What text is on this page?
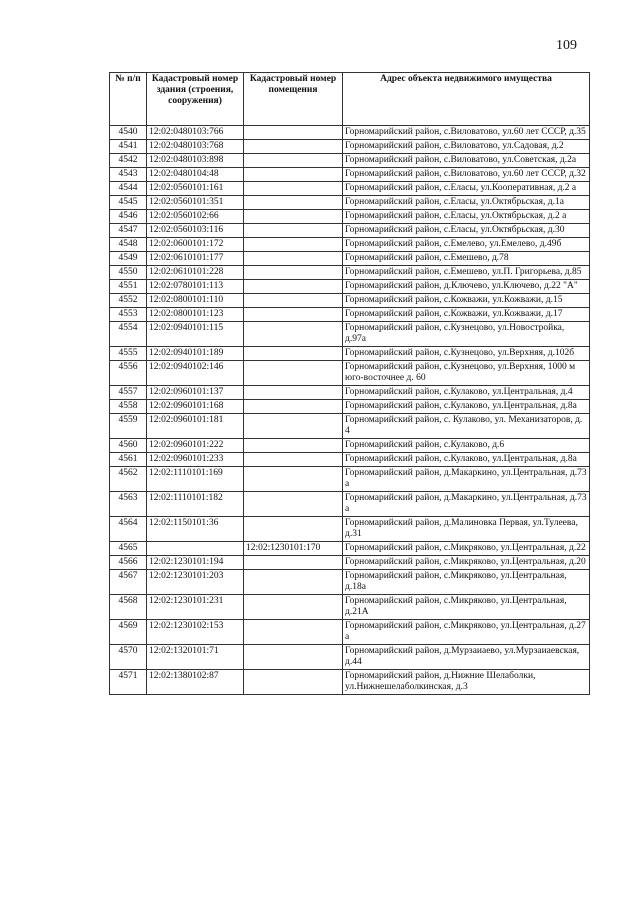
109
№ п/п	Кадастровый номер здания (строения, сооружения)	Кадастровый номер помещения	Адрес объекта недвижимого имущества
4540	12:02:0480103:766		Горномарийский район, с.Виловатово, ул.60 лет СССР, д.35
4541	12:02:0480103:768		Горномарийский район, с.Виловатово, ул.Садовая, д.2
4542	12:02:0480103:898		Горномарийский район, с.Виловатово, ул.Советская, д.2а
4543	12:02:0480104:48		Горномарийский район, с.Виловатово, ул.60 лет СССР, д.32
4544	12:02:0560101:161		Горномарийский район, с.Еласы, ул.Кооперативная, д.2 а
4545	12:02:0560101:351		Горномарийский район, с.Еласы, ул.Октябрьская, д.1а
4546	12:02:0560102:66		Горномарийский район, с.Еласы, ул.Октябрьская, д.2 а
4547	12:02:0560103:116		Горномарийский район, с.Еласы, ул.Октябрьская, д.30
4548	12:02:0600101:172		Горномарийский район, с.Емелево, ул.Емелево, д.49б
4549	12:02:0610101:177		Горномарийский район, с.Емешево, д.78
4550	12:02:0610101:228		Горномарийский район, с.Емешево, ул.П. Григорьева, д.85
4551	12:02:0780101:113		Горномарийский район, д.Ключево, ул.Ключево, д.22 "А"
4552	12:02:0800101:110		Горномарийский район, с.Кожважи, ул.Кожважи, д.15
4553	12:02:0800101:123		Горномарийский район, с.Кожважи, ул.Кожважи, д.17
4554	12:02:0940101:115		Горномарийский район, с.Кузнецово, ул.Новостройка, д.97а
4555	12:02:0940101:189		Горномарийский район, с.Кузнецово, ул.Верхняя, д.102б
4556	12:02:0940102:146		Горномарийский район, с.Кузнецово, ул.Верхняя, 1000 м юго-восточнее д. 60
4557	12:02:0960101:137		Горномарийский район, с.Кулаково, ул.Центральная, д.4
4558	12:02:0960101:168		Горномарийский район, с.Кулаково, ул.Центральная, д.8а
4559	12:02:0960101:181		Горномарийский район, с. Кулаково, ул. Механизаторов, д. 4
4560	12:02:0960101:222		Горномарийский район, с.Кулаково, д.6
4561	12:02:0960101:233		Горномарийский район, с.Кулаково, ул.Центральная, д.8а
4562	12:02:1110101:169		Горномарийский район, д.Макаркино, ул.Центральная, д.73 а
4563	12:02:1110101:182		Горномарийский район, д.Макаркино, ул.Центральная, д.73 а
4564	12:02:1150101:36		Горномарийский район, д.Малиновка Первая, ул.Тулеева, д.31
4565		12:02:1230101:170	Горномарийский район, с.Микряково, ул.Центральная, д.22
4566	12:02:1230101:194		Горномарийский район, с.Микряково, ул.Центральная, д.20
4567	12:02:1230101:203		Горномарийский район, с.Микряково, ул.Центральная, д.18а
4568	12:02:1230101:231		Горномарийский район, с.Микряково, ул.Центральная, д.21А
4569	12:02:1230102:153		Горномарийский район, с.Микряково, ул.Центральная, д.27 а
4570	12:02:1320101:71		Горномарийский район, д.Мурзаиаево, ул.Мурзаиаевская, д.44
4571	12:02:1380102:87		Горномарийский район, д.Нижние Шелаболки, ул.Нижнешелаболкинская, д.3
